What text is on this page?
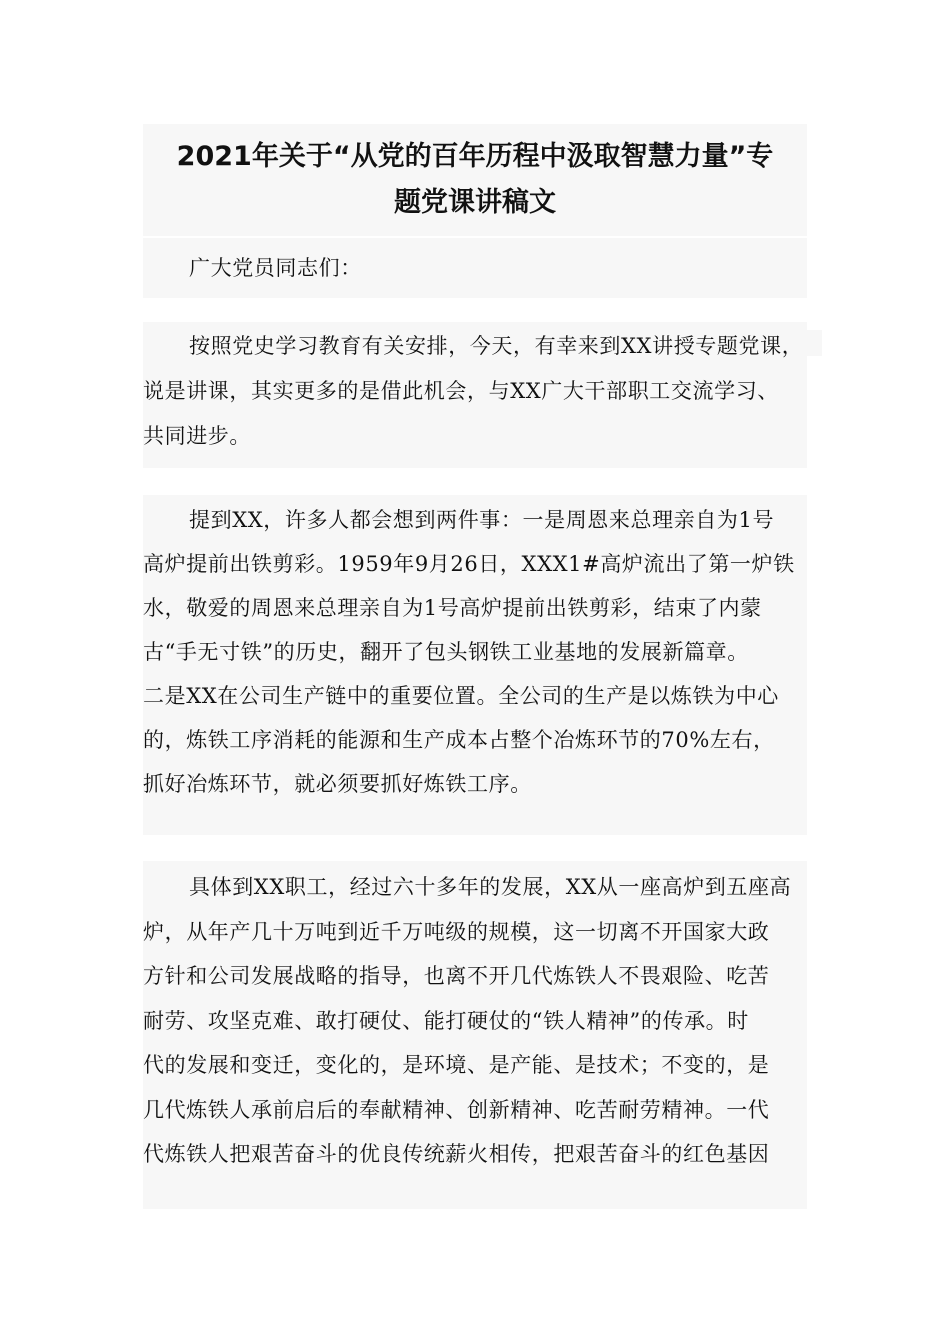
2021年关于“从党的百年历程中汲取智慧力量”专
题党课讲稿文
广大党员同志们：
按照党史学习教育有关安排，今天，有幸来到XX讲授专题党课，
说是讲课，其实更多的是借此机会，与XX广大干部职工交流学习、
共同进步。
提到XX，许多人都会想到两件事：一是周恩来总理亲自为1号
高炉提前出铁剪彩。1959年9月26日，XXX1#高炉流出了第一炉铁
水，敬爱的周恩来总理亲自为1号高炉提前出铁剪彩，结束了内蒙
古“手无寸铁”的历史，翻开了包头钢铁工业基地的发展新篇章。
二是XX在公司生产链中的重要位置。全公司的生产是以炼铁为中心
的，炼铁工序消耗的能源和生产成本占整个冶炼环节的70%左右，
抓好冶炼环节，就必须要抓好炼铁工序。
具体到XX职工，经过六十多年的发展，XX从一座高炉到五座高
炉，从年产几十万吨到近千万吨级的规模，这一切离不开国家大政
方针和公司发展战略的指导，也离不开几代炼铁人不畏艰险、吃苦
耐劳、攻坚克难、敢打硬仗、能打硬仗的“铁人精神”的传承。时
代的发展和变迁，变化的，是环境、是产能、是技术；不变的，是
几代炼铁人承前启后的奉献精神、创新精神、吃苦耐劳精神。一代
代炼铁人把艰苦奋斗的优良传统薪火相传，把艰苦奋斗的红色基因
